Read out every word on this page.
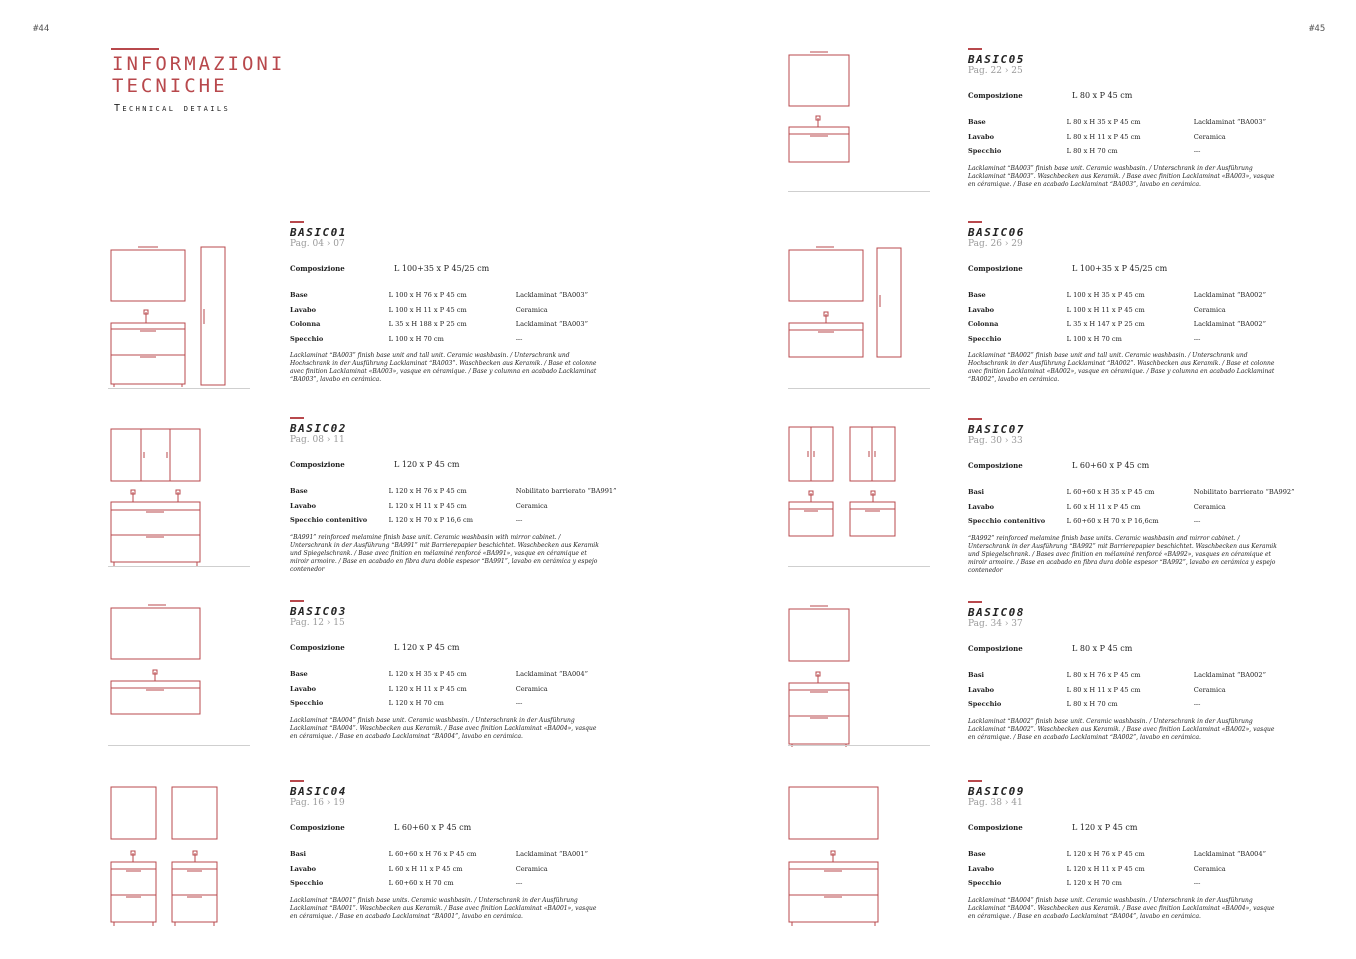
#44	#45
INFORMAZIONI
TECNICHE
Technical details
BASIC01
Pag. 04 › 07
Composizione	L 100+35 x P 45/25 cm
Base	L 100 x H 76 x P 45 cm	Lacklaminat “BA003”
Lavabo	L 100 x H 11 x P 45 cm	Ceramica
Colonna	L 35 x H 188 x P 25 cm	Lacklaminat “BA003”
Specchio	L 100 x H 70 cm	---
Lacklaminat “BA003” finish base unit and tall unit. Ceramic washbasin. / Unterschrank und Hochschrank in der Ausführung Lacklaminat “BA003”. Waschbecken aus Keramik. / Base et colonne avec finition Lacklaminat «BA003», vasque en céramique. / Base y columna en acabado Lacklaminat “BA003”, lavabo en cerámica.
BASIC02
Pag. 08 › 11
Composizione	L 120 x P 45 cm
Base	L 120 x H 76 x P 45 cm	Nobilitato barrierato “BA991”
Lavabo	L 120 x H 11 x P 45 cm	Ceramica
Specchio contenitivo	L 120 x H 70 x P 16,6 cm	---
“BA991” reinforced melamine finish base unit. Ceramic washbasin with mirror cabinet. / Unterschrank in der Ausführung “BA991” mit Barrierepapier beschichtet. Waschbecken aus Keramik und Spiegelschrank. / Base avec finition en mélaminé renforcé «BA991», vasque en céramique et miroir armoire. / Base en acabado en fibra dura doble espesor “BA991”, lavabo en cerámica y espejo contenedor
BASIC03
Pag. 12 › 15
Composizione	L 120 x P 45 cm
Base	L 120 x H 35 x P 45 cm	Lacklaminat “BA004”
Lavabo	L 120 x H 11 x P 45 cm	Ceramica
Specchio	L 120 x H 70 cm	---
Lacklaminat “BA004” finish base unit. Ceramic washbasin. / Unterschrank in der Ausführung Lacklaminat “BA004”. Waschbecken aus Keramik. / Base avec finition Lacklaminat «BA004», vasque en céramique. / Base en acabado Lacklaminat “BA004”, lavabo en cerámica.
BASIC04
Pag. 16 › 19
Composizione	L 60+60 x P 45 cm
Basi	L 60+60 x H 76 x P 45 cm	Lacklaminat “BA001”
Lavabo	L 60 x H 11 x P 45 cm	Ceramica
Specchio	L 60+60 x H 70 cm	---
Lacklaminat “BA001” finish base units. Ceramic washbasin. / Unterschrank in der Ausführung Lacklaminat “BA001”. Waschbecken aus Keramik. / Base avec finition Lacklaminat «BA001», vasque en céramique. / Base en acabado Lacklaminat “BA001”, lavabo en cerámica.
BASIC05
Pag. 22 › 25
Composizione	L 80 x P 45 cm
Base	L 80 x H 35 x P 45 cm	Lacklaminat “BA003”
Lavabo	L 80 x H 11 x P 45 cm	Ceramica
Specchio	L 80 x H 70 cm	---
Lacklaminat “BA003” finish base unit. Ceramic washbasin. / Unterschrank in der Ausführung Lacklaminat “BA003”. Waschbecken aus Keramik. / Base avec finition Lacklaminat «BA003», vasque en céramique. / Base en acabado Lacklaminat “BA003”, lavabo en cerámica.
BASIC06
Pag. 26 › 29
Composizione	L 100+35 x P 45/25 cm
Base	L 100 x H 35 x P 45 cm	Lacklaminat “BA002”
Lavabo	L 100 x H 11 x P 45 cm	Ceramica
Colonna	L 35 x H 147 x P 25 cm	Lacklaminat “BA002”
Specchio	L 100 x H 70 cm	---
Lacklaminat “BA002” finish base unit and tall unit. Ceramic washbasin. / Unterschrank und Hochschrank in der Ausführung Lacklaminat “BA002”. Waschbecken aus Keramik. / Base et colonne avec finition Lacklaminat «BA002», vasque en céramique. / Base y columna en acabado Lacklaminat “BA002”, lavabo en cerámica.
BASIC07
Pag. 30 › 33
Composizione	L 60+60 x P 45 cm
Basi	L 60+60 x H 35 x P 45 cm	Nobilitato barrierato “BA992”
Lavabo	L 60 x H 11 x P 45 cm	Ceramica
Specchio contenitivo	L 60+60 x H 70 x P 16,6cm	---
“BA992” reinforced melamine finish base units. Ceramic washbasin and mirror cabinet. / Unterschrank in der Ausführung “BA992” mit Barrierepapier beschichtet. Waschbecken aus Keramik und Spiegelschrank. / Bases avec finition en mélaminé renforcé «BA992», vasques en céramique et miroir armoire. / Base en acabado en fibra dura doble espesor “BA992”, lavabo en cerámica y espejo contenedor
BASIC08
Pag. 34 › 37
Composizione	L 80 x P 45 cm
Basi	L 80 x H 76 x P 45 cm	Lacklaminat “BA002”
Lavabo	L 80 x H 11 x P 45 cm	Ceramica
Specchio	L 80 x H 70 cm	---
Lacklaminat “BA002” finish base unit. Ceramic washbasin. / Unterschrank in der Ausführung Lacklaminat “BA002”. Waschbecken aus Keramik. / Base avec finition Lacklaminat «BA002», vasque en céramique. / Base en acabado Lacklaminat “BA002”, lavabo en cerámica.
BASIC09
Pag. 38 › 41
Composizione	L 120 x P 45 cm
Base	L 120 x H 76 x P 45 cm	Lacklaminat “BA004”
Lavabo	L 120 x H 11 x P 45 cm	Ceramica
Specchio	L 120 x H 70 cm	---
Lacklaminat “BA004” finish base unit. Ceramic washbasin. / Unterschrank in der Ausführung Lacklaminat “BA004”. Waschbecken aus Keramik. / Base avec finition Lacklaminat «BA004», vasque en céramique. / Base en acabado Lacklaminat “BA004”, lavabo en cerámica.
